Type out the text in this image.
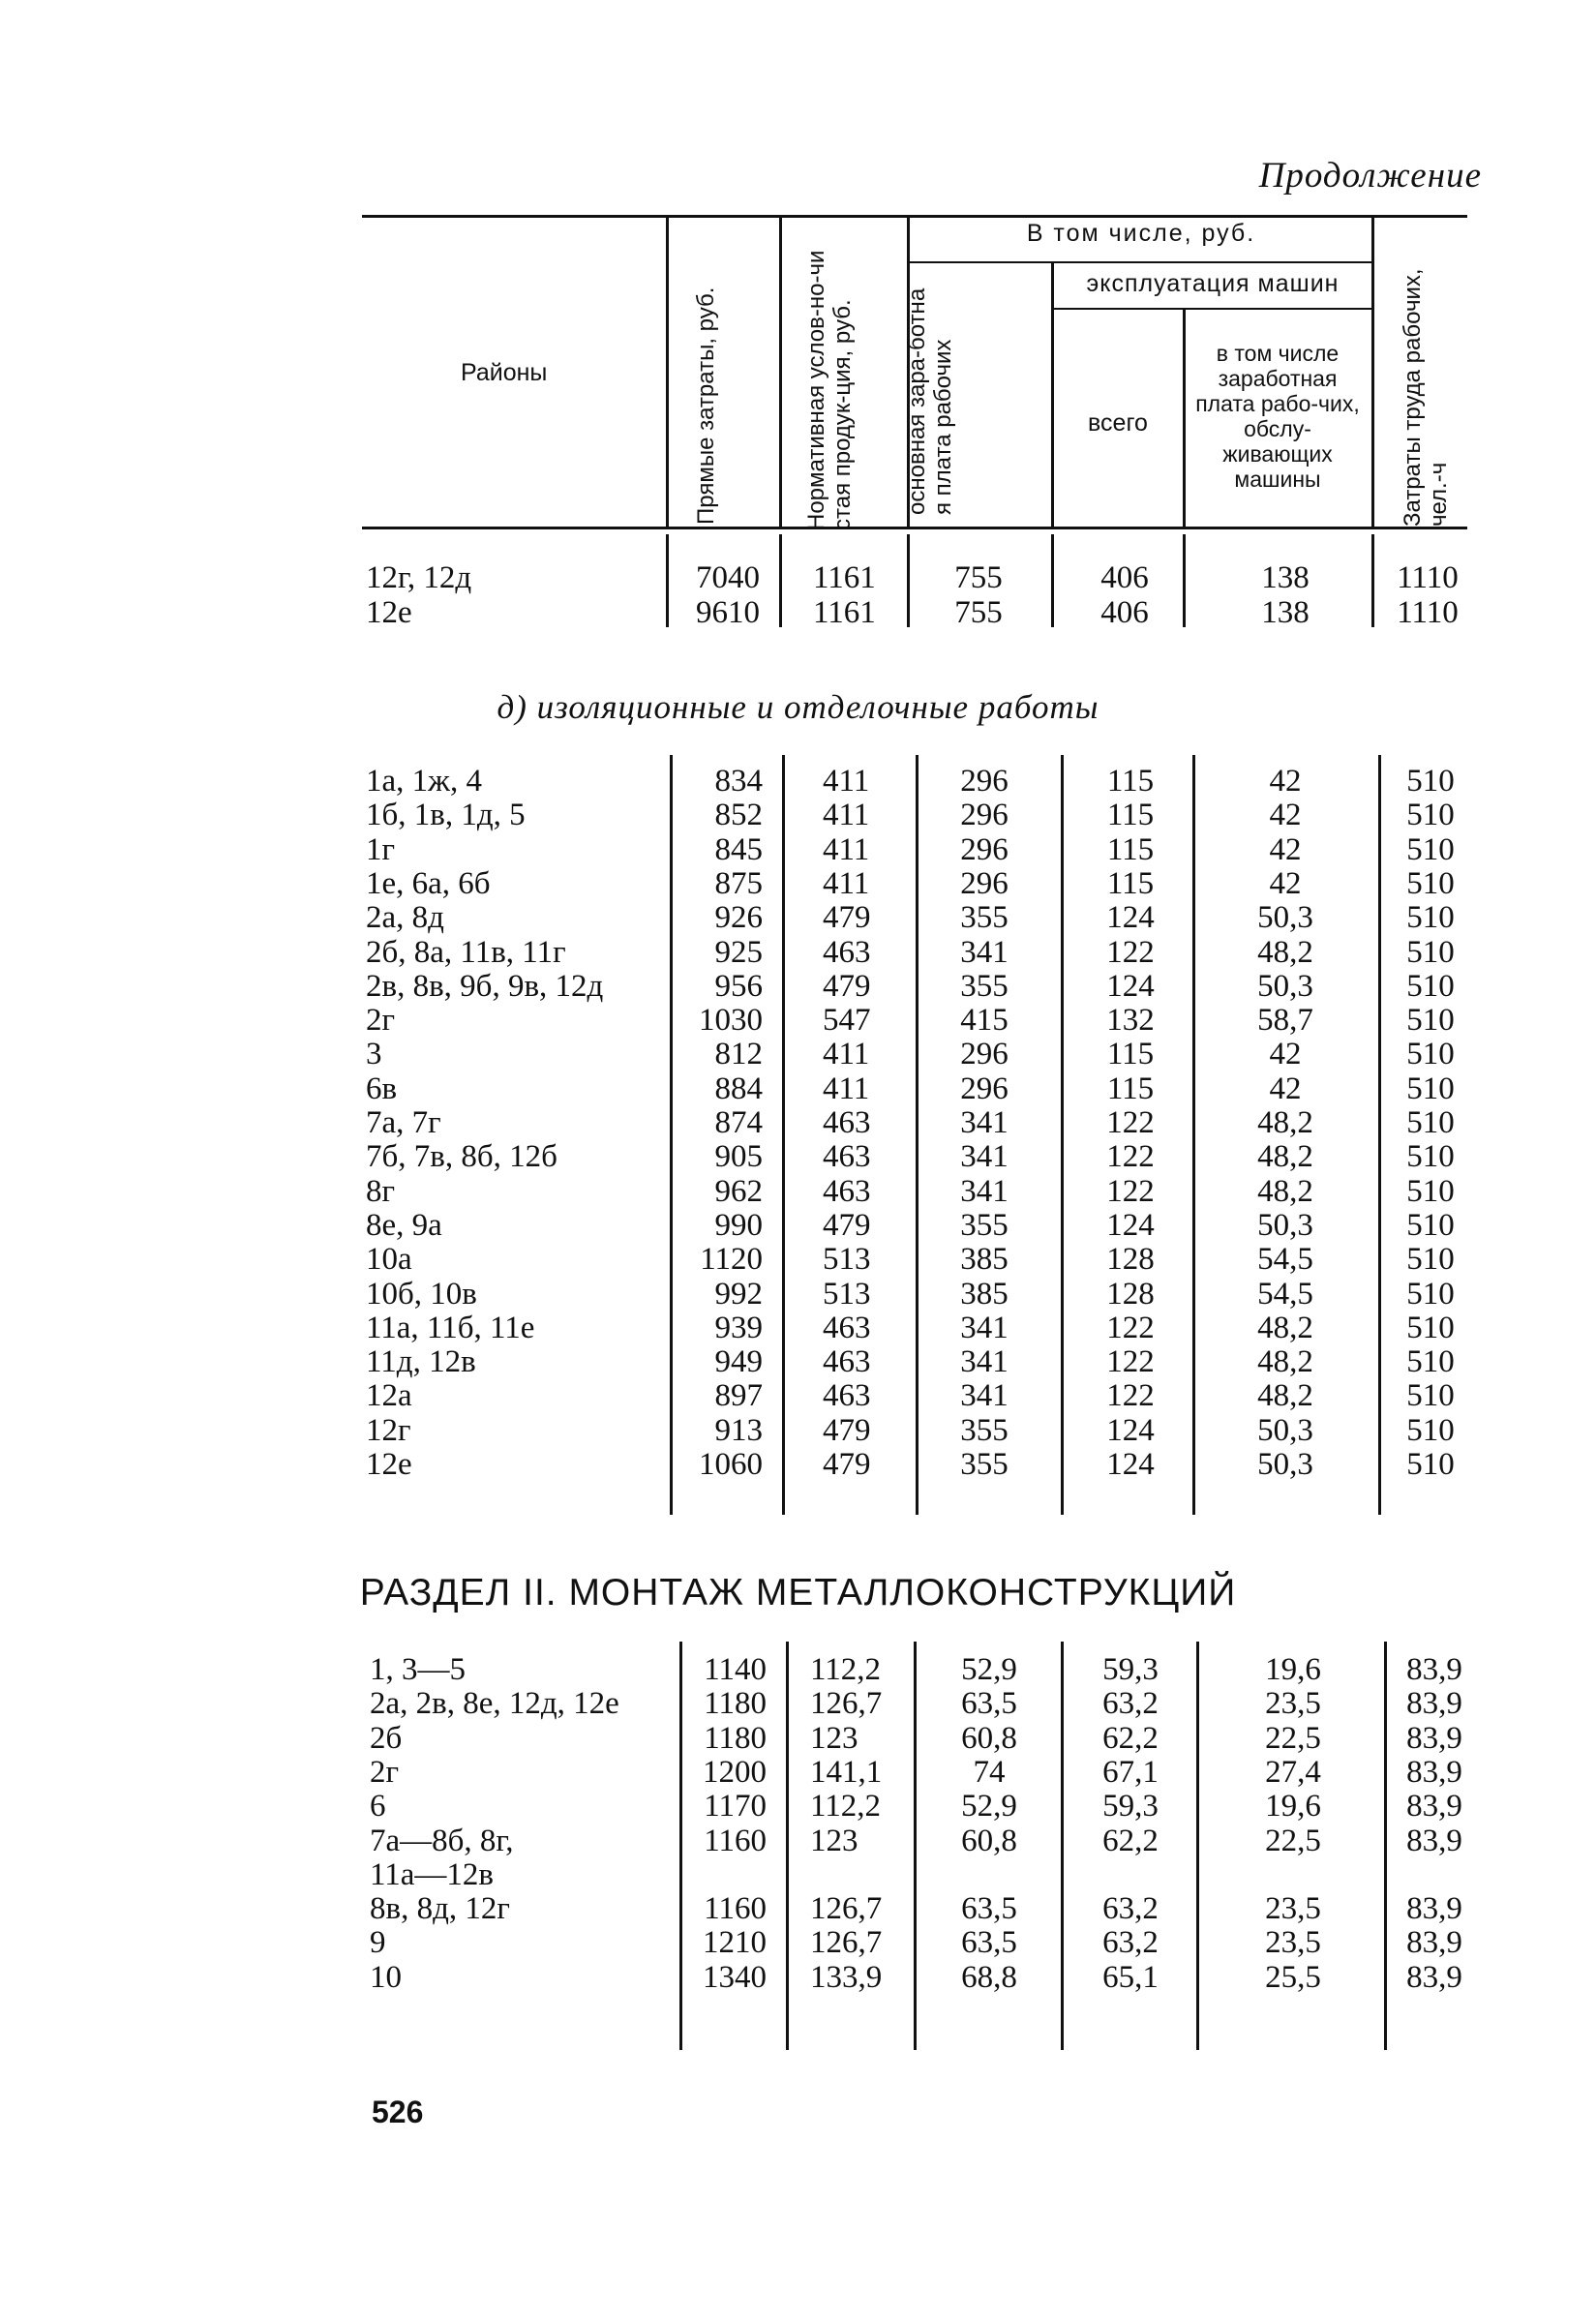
Продолжениe
Районы
В том числе, руб.
эксплуатация машин
всего
в том числе заработная плата рабо-чих, обслу-живающих машины
Прямые затраты, руб.	Нормативная услов-но-чистая продук-ция, руб.	основная зара-ботная плата рабочих	Затраты труда рабочих, чел.-ч
12г, 12д	7040 1161	755	406	138	1110
12е	9610 1161	755	406	138	1110
д) изоляционные и отделочные работы
1а, 1ж, 4	834 411	296	115	42	510
1б, 1в, 1д, 5	852 411	296	115	42	510
1г	845 411	296	115	42	510
1е, 6а, 6б	875 411	296	115	42	510
2а, 8д	926 479	355	124	50,3	510
2б, 8а, 11в, 11г	925 463	341	122	48,2	510
2в, 8в, 9б, 9в, 12д	956 479	355	124	50,3	510
2г	1030 547	415	132	58,7	510
3	812 411	296	115	42	510
6в	884 411	296	115	42	510
7а, 7г	874 463	341	122	48,2	510
7б, 7в, 8б, 12б	905 463	341	122	48,2	510
8г	962 463	341	122	48,2	510
8е, 9а	990 479	355	124	50,3	510
10а	1120 513	385	128	54,5	510
10б, 10в	992 513	385	128	54,5	510
11а, 11б, 11е	939 463	341	122	48,2	510
11д, 12в	949 463	341	122	48,2	510
12а	897 463	341	122	48,2	510
12г	913 479	355	124	50,3	510
12е	1060 479	355	124	50,3	510
РАЗДЕЛ II. МОНТАЖ МЕТАЛЛОКОНСТРУКЦИЙ
1, 3—5	1140 112,2	52,9	59,3	19,6	83,9
2а, 2в, 8е, 12д, 12е	1180 126,7	63,5	63,2	23,5	83,9
2б	1180 123	60,8	62,2	22,5	83,9
2г	1200 141,1	74	67,1	27,4	83,9
6	1170 112,2	52,9	59,3	19,6	83,9
7а—8б, 8г,	1160 123	60,8	62,2	22,5	83,9
11а—12в
8в, 8д, 12г	1160 126,7	63,5	63,2	23,5	83,9
9	1210 126,7	63,5	63,2	23,5	83,9
10	1340 133,9	68,8	65,1	25,5	83,9
526
